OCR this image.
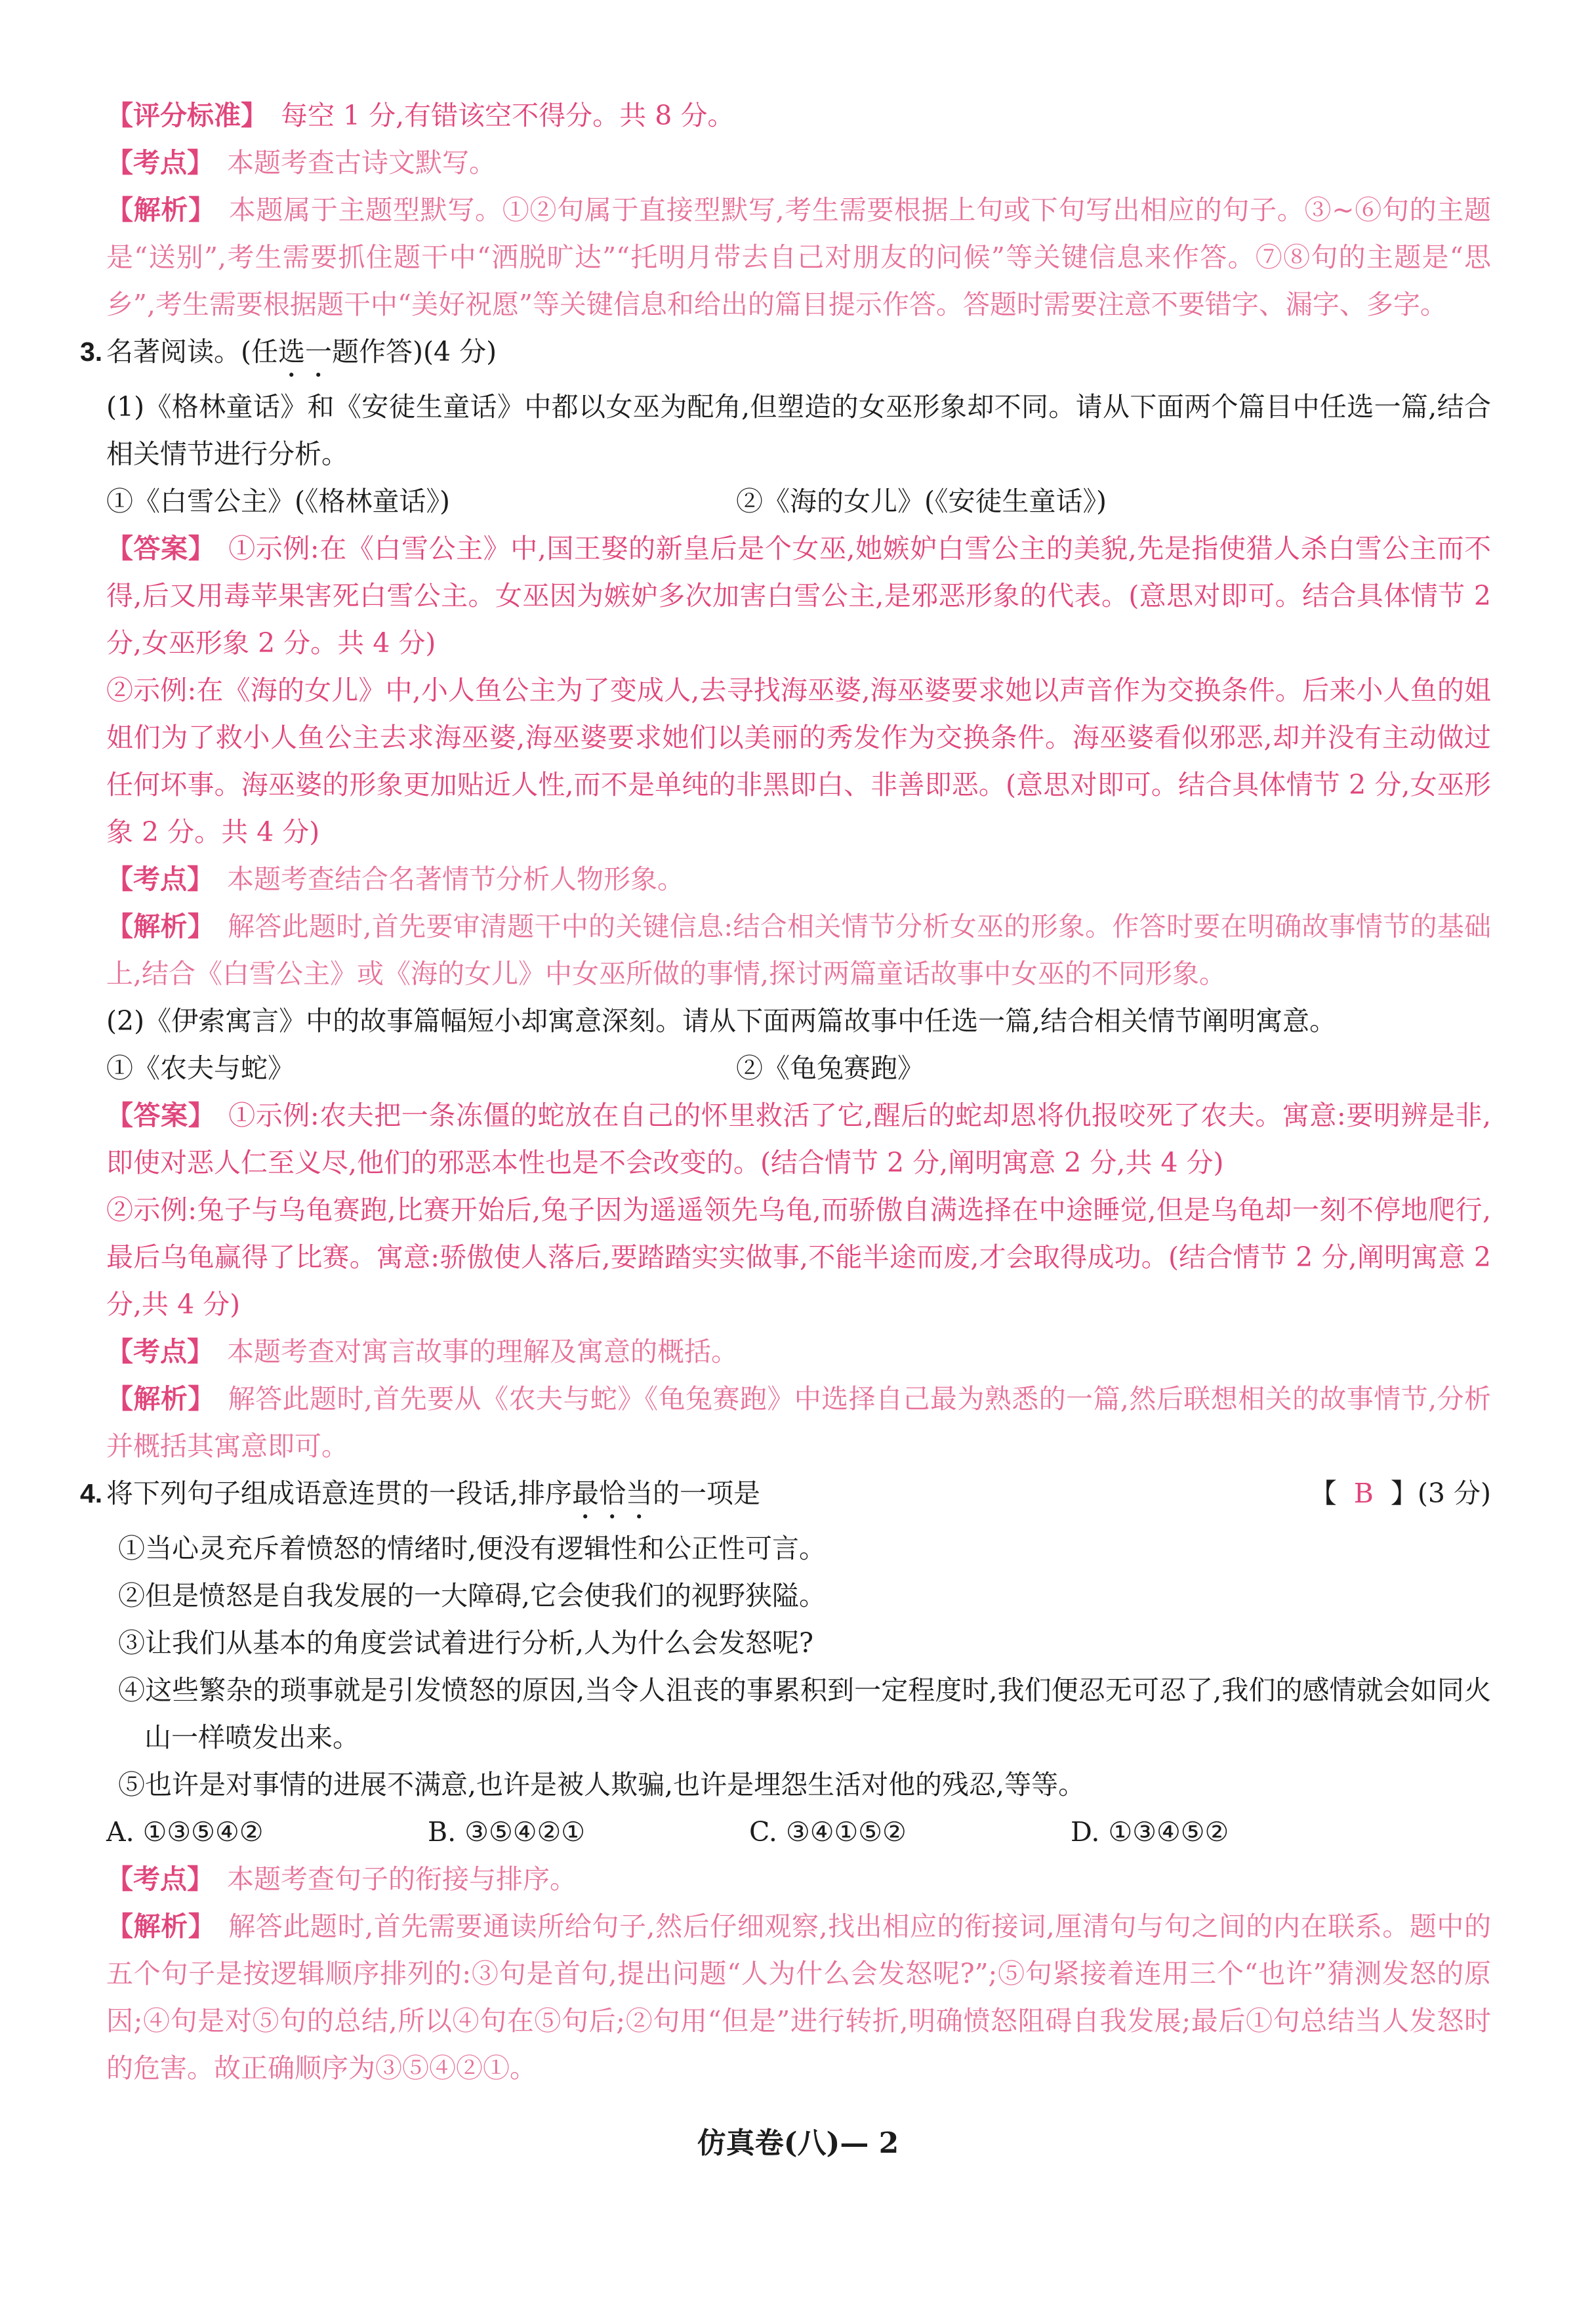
【评分标准】 每空 1 分,有错该空不得分。共 8 分。

【考点】 本题考查古诗文默写。

【解析】 本题属于主题型默写。①②句属于直接型默写,考生需要根据上句或下句写出相应的句子。③~⑥句的主题是“送别”,考生需要抓住题干中“洒脱旷达”“托明月带去自己对朋友的问候”等关键信息来作答。⑦⑧句的主题是“思乡”,考生需要根据题干中“美好祝愿”等关键信息和给出的篇目提示作答。答题时需要注意不要错字、漏字、多字。

3. 名著阅读。(任选一题作答)(4 分)

(1)《格林童话》和《安徒生童话》中都以女巫为配角,但塑造的女巫形象却不同。请从下面两个篇目中任选一篇,结合相关情节进行分析。

①《白雪公主》(《格林童话》)	②《海的女儿》(《安徒生童话》)

【答案】 ①示例:在《白雪公主》中,国王娶的新皇后是个女巫,她嫉妒白雪公主的美貌,先是指使猎人杀白雪公主而不得,后又用毒苹果害死白雪公主。女巫因为嫉妒多次加害白雪公主,是邪恶形象的代表。(意思对即可。结合具体情节 2 分,女巫形象 2 分。共 4 分)

②示例:在《海的女儿》中,小人鱼公主为了变成人,去寻找海巫婆,海巫婆要求她以声音作为交换条件。后来小人鱼的姐姐们为了救小人鱼公主去求海巫婆,海巫婆要求她们以美丽的秀发作为交换条件。海巫婆看似邪恶,却并没有主动做过任何坏事。海巫婆的形象更加贴近人性,而不是单纯的非黑即白、非善即恶。(意思对即可。结合具体情节 2 分,女巫形象 2 分。共 4 分)

【考点】 本题考查结合名著情节分析人物形象。

【解析】 解答此题时,首先要审清题干中的关键信息:结合相关情节分析女巫的形象。作答时要在明确故事情节的基础上,结合《白雪公主》或《海的女儿》中女巫所做的事情,探讨两篇童话故事中女巫的不同形象。

(2)《伊索寓言》中的故事篇幅短小却寓意深刻。请从下面两篇故事中任选一篇,结合相关情节阐明寓意。

①《农夫与蛇》	②《龟兔赛跑》

【答案】 ①示例:农夫把一条冻僵的蛇放在自己的怀里救活了它,醒后的蛇却恩将仇报咬死了农夫。寓意:要明辨是非,即使对恶人仁至义尽,他们的邪恶本性也是不会改变的。(结合情节 2 分,阐明寓意 2 分,共 4 分)

②示例:兔子与乌龟赛跑,比赛开始后,兔子因为遥遥领先乌龟,而骄傲自满选择在中途睡觉,但是乌龟却一刻不停地爬行,最后乌龟赢得了比赛。寓意:骄傲使人落后,要踏踏实实做事,不能半途而废,才会取得成功。(结合情节 2 分,阐明寓意 2 分,共 4 分)

【考点】 本题考查对寓言故事的理解及寓意的概括。

【解析】 解答此题时,首先要从《农夫与蛇》《龟兔赛跑》中选择自己最为熟悉的一篇,然后联想相关的故事情节,分析并概括其寓意即可。

【 B 】(3 分)
4. 将下列句子组成语意连贯的一段话,排序最恰当的一项是

①当心灵充斥着愤怒的情绪时,便没有逻辑性和公正性可言。

②但是愤怒是自我发展的一大障碍,它会使我们的视野狭隘。

③让我们从基本的角度尝试着进行分析,人为什么会发怒呢?

④这些繁杂的琐事就是引发愤怒的原因,当令人沮丧的事累积到一定程度时,我们便忍无可忍了,我们的感情就会如同火山一样喷发出来。

⑤也许是对事情的进展不满意,也许是被人欺骗,也许是埋怨生活对他的残忍,等等。

A. ①③⑤④②	B. ③⑤④②①	C. ③④①⑤②	D. ①③④⑤②

【考点】 本题考查句子的衔接与排序。

【解析】 解答此题时,首先需要通读所给句子,然后仔细观察,找出相应的衔接词,厘清句与句之间的内在联系。题中的五个句子是按逻辑顺序排列的:③句是首句,提出问题“人为什么会发怒呢?”;⑤句紧接着连用三个“也许”猜测发怒的原因;④句是对⑤句的总结,所以④句在⑤句后;②句用“但是”进行转折,明确愤怒阻碍自我发展;最后①句总结当人发怒时的危害。故正确顺序为③⑤④②①。

仿真卷(八)— 2
